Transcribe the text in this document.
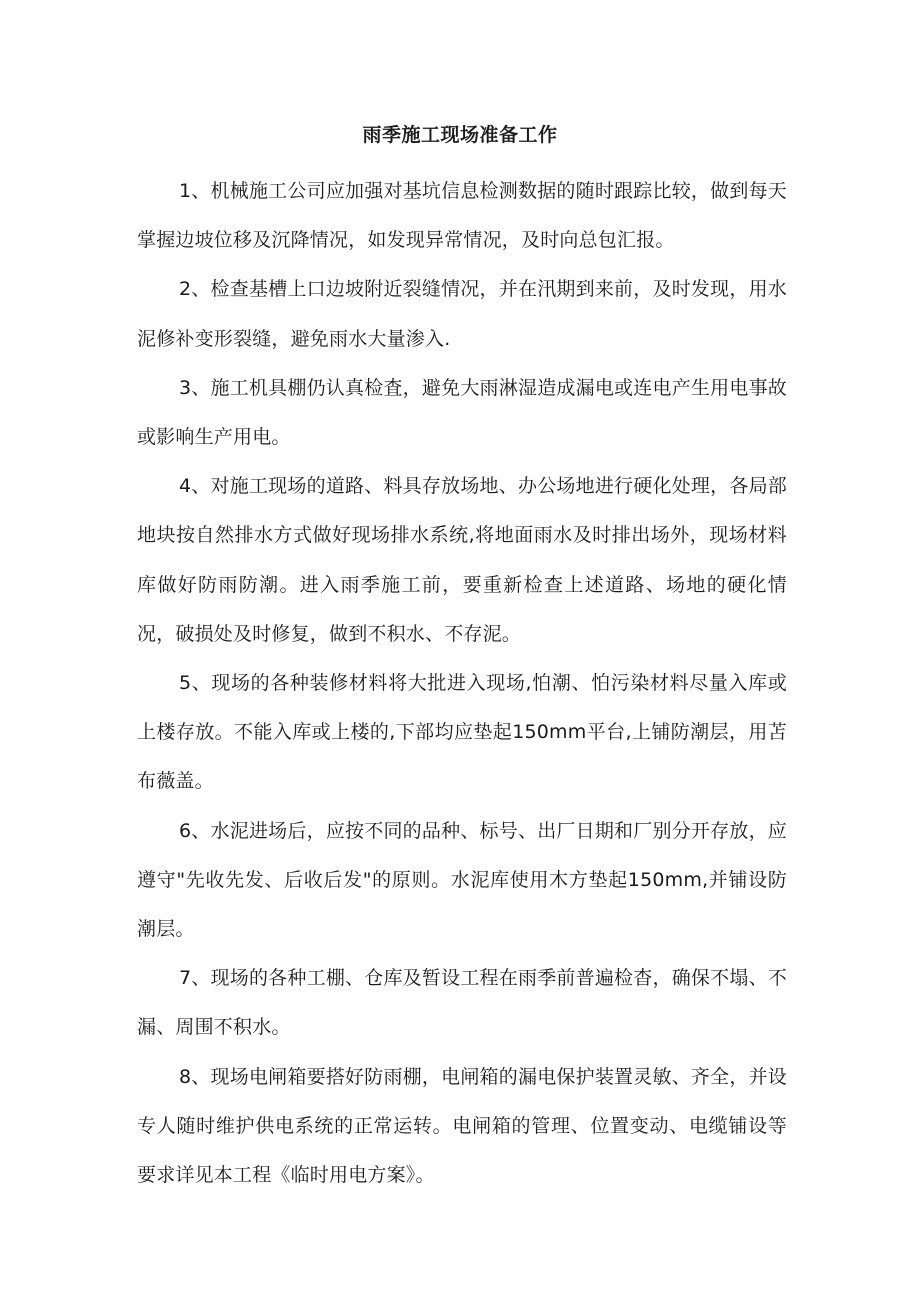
雨季施工现场准备工作

1、机械施工公司应加强对基坑信息检测数据的随时跟踪比较，做到每天掌握边坡位移及沉降情况，如发现异常情况，及时向总包汇报。

2、检查基槽上口边坡附近裂缝情况，并在汛期到来前，及时发现，用水泥修补变形裂缝，避免雨水大量渗入.

3、施工机具棚仍认真检査，避免大雨淋湿造成漏电或连电产生用电事故或影响生产用电。

4、对施工现场的道路、料具存放场地、办公场地进行硬化处理，各局部地块按自然排水方式做好现场排水系统,将地面雨水及时排出场外，现场材料库做好防雨防潮。进入雨季施工前，要重新检查上述道路、场地的硬化情况，破损处及时修复，做到不积水、不存泥。

5、现场的各种装修材料将大批进入现场,怕潮、怕污染材料尽量入库或上楼存放。不能入库或上楼的,下部均应垫起150mm平台,上铺防潮层，用苫布薇盖。

6、水泥进场后，应按不同的品种、标号、出厂日期和厂别分开存放，应遵守"先收先发、后收后发"的原则。水泥库使用木方垫起150mm,并铺设防潮层。

7、现场的各种工棚、仓库及暂设工程在雨季前普遍检杳，确保不塌、不漏、周围不积水。

8、现场电闸箱要搭好防雨棚，电闸箱的漏电保护装置灵敏、齐全，并设专人随时维护供电系统的正常运转。电闸箱的管理、位置变动、电缆铺设等要求详见本工程《临时用电方案》。
